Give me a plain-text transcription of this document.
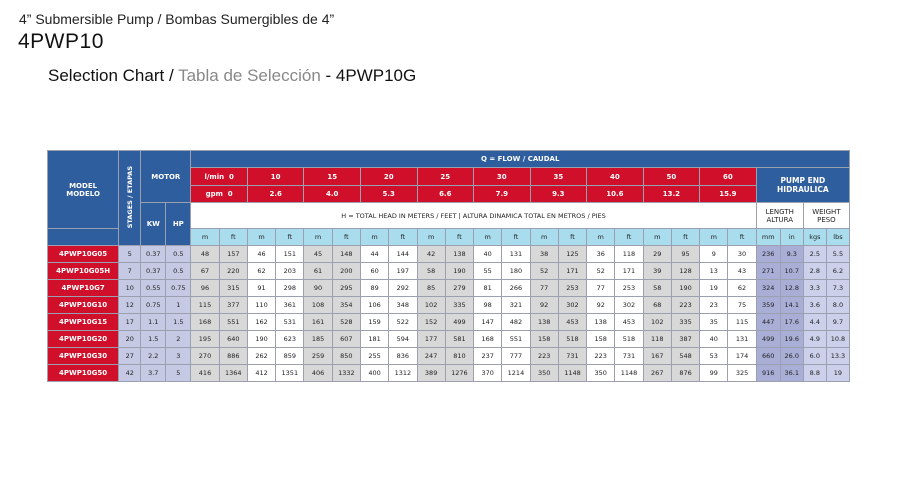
4” Submersible Pump / Bombas Sumergibles de 4”
4PWP10
Selection Chart / Tabla de Selección - 4PWP10G
MODEL
MODELO	STAGES / ETAPAS	MOTOR		Q = FLOW / CAUDAL																							
				l/min 0		10		15		20		25		30		35		40		50		60		PUMP END
HIDRAULICA			
				gpm 0		2.6		4.0		5.3		6.6		7.9		9.3		10.6		13.2		15.9					
		KW	HP	H = TOTAL HEAD IN METERS / FEET | ALTURA DINAMICA TOTAL EN METROS / PIES																				LENGTH
ALTURA		WEIGHT
PESO	
				m	ft	m	ft	m	ft	m	ft	m	ft	m	ft	m	ft	m	ft	m	ft	m	ft	mm	in	kgs	lbs
4PWP10G05	5	0.37	0.5	48	157	46	151	45	148	44	144	42	138	40	131	38	125	36	118	29	95	9	30	236	9.3	2.5	5.5
4PWP10G05H	7	0.37	0.5	67	220	62	203	61	200	60	197	58	190	55	180	52	171	52	171	39	128	13	43	271	10.7	2.8	6.2
4PWP10G7	10	0.55	0.75	96	315	91	298	90	295	89	292	85	279	81	266	77	253	77	253	58	190	19	62	324	12.8	3.3	7.3
4PWP10G10	12	0.75	1	115	377	110	361	108	354	106	348	102	335	98	321	92	302	92	302	68	223	23	75	359	14.1	3.6	8.0
4PWP10G15	17	1.1	1.5	168	551	162	531	161	528	159	522	152	499	147	482	138	453	138	453	102	335	35	115	447	17.6	4.4	9.7
4PWP10G20	20	1.5	2	195	640	190	623	185	607	181	594	177	581	168	551	158	518	158	518	118	387	40	131	499	19.6	4.9	10.8
4PWP10G30	27	2.2	3	270	886	262	859	259	850	255	836	247	810	237	777	223	731	223	731	167	548	53	174	660	26.0	6.0	13.3
4PWP10G50	42	3.7	5	416	1364	412	1351	406	1332	400	1312	389	1276	370	1214	350	1148	350	1148	267	876	99	325	916	36.1	8.8	19
